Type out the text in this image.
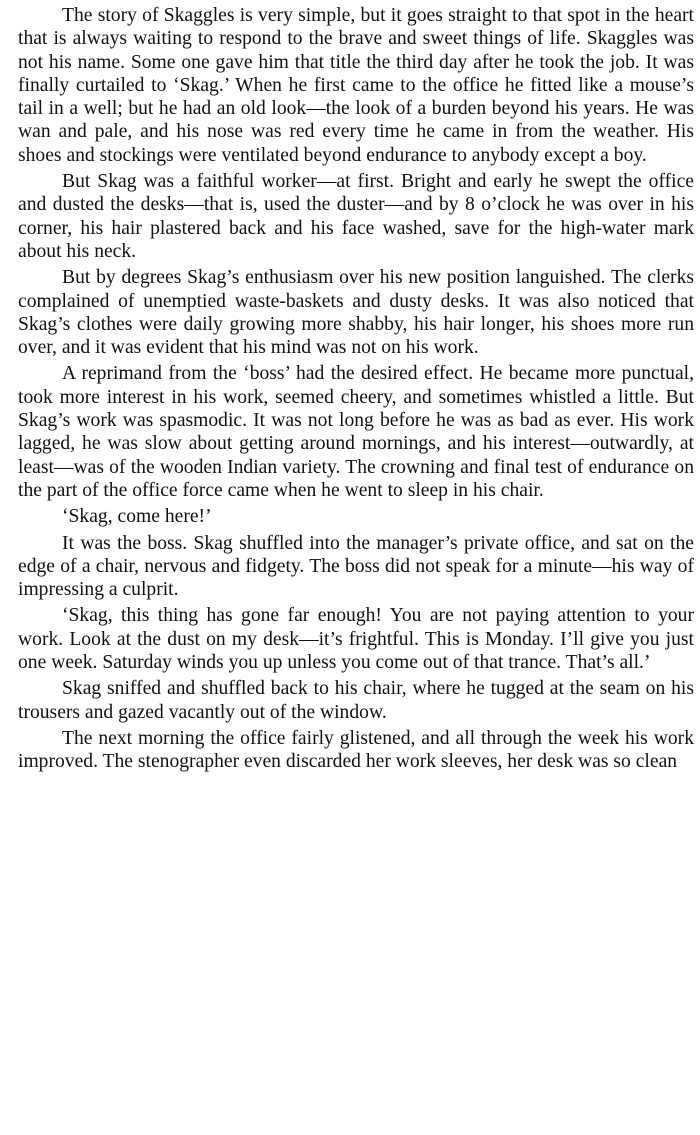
The story of Skaggles is very simple, but it goes straight to that spot in the heart that is always waiting to respond to the brave and sweet things of life. Skaggles was not his name. Some one gave him that title the third day after he took the job. It was finally curtailed to ‘Skag.’ When he first came to the office he fitted like a mouse’s tail in a well; but he had an old look—the look of a burden beyond his years. He was wan and pale, and his nose was red every time he came in from the weather. His shoes and stockings were ventilated beyond endurance to anybody except a boy.

But Skag was a faithful worker—at first. Bright and early he swept the office and dusted the desks—that is, used the duster—and by 8 o’clock he was over in his corner, his hair plastered back and his face washed, save for the high-water mark about his neck.

But by degrees Skag’s enthusiasm over his new position languished. The clerks complained of unemptied waste-baskets and dusty desks. It was also noticed that Skag’s clothes were daily growing more shabby, his hair longer, his shoes more run over, and it was evident that his mind was not on his work.

A reprimand from the ‘boss’ had the desired effect. He became more punctual, took more interest in his work, seemed cheery, and sometimes whistled a little. But Skag’s work was spasmodic. It was not long before he was as bad as ever. His work lagged, he was slow about getting around mornings, and his interest—outwardly, at least—was of the wooden Indian variety. The crowning and final test of endurance on the part of the office force came when he went to sleep in his chair.

‘Skag, come here!’

It was the boss. Skag shuffled into the manager’s private office, and sat on the edge of a chair, nervous and fidgety. The boss did not speak for a minute—his way of impressing a culprit.

‘Skag, this thing has gone far enough! You are not paying attention to your work. Look at the dust on my desk—it’s frightful. This is Monday. I’ll give you just one week. Saturday winds you up unless you come out of that trance. That’s all.’

Skag sniffed and shuffled back to his chair, where he tugged at the seam on his trousers and gazed vacantly out of the window.

The next morning the office fairly glistened, and all through the week his work improved. The stenographer even discarded her work sleeves, her desk was so clean
